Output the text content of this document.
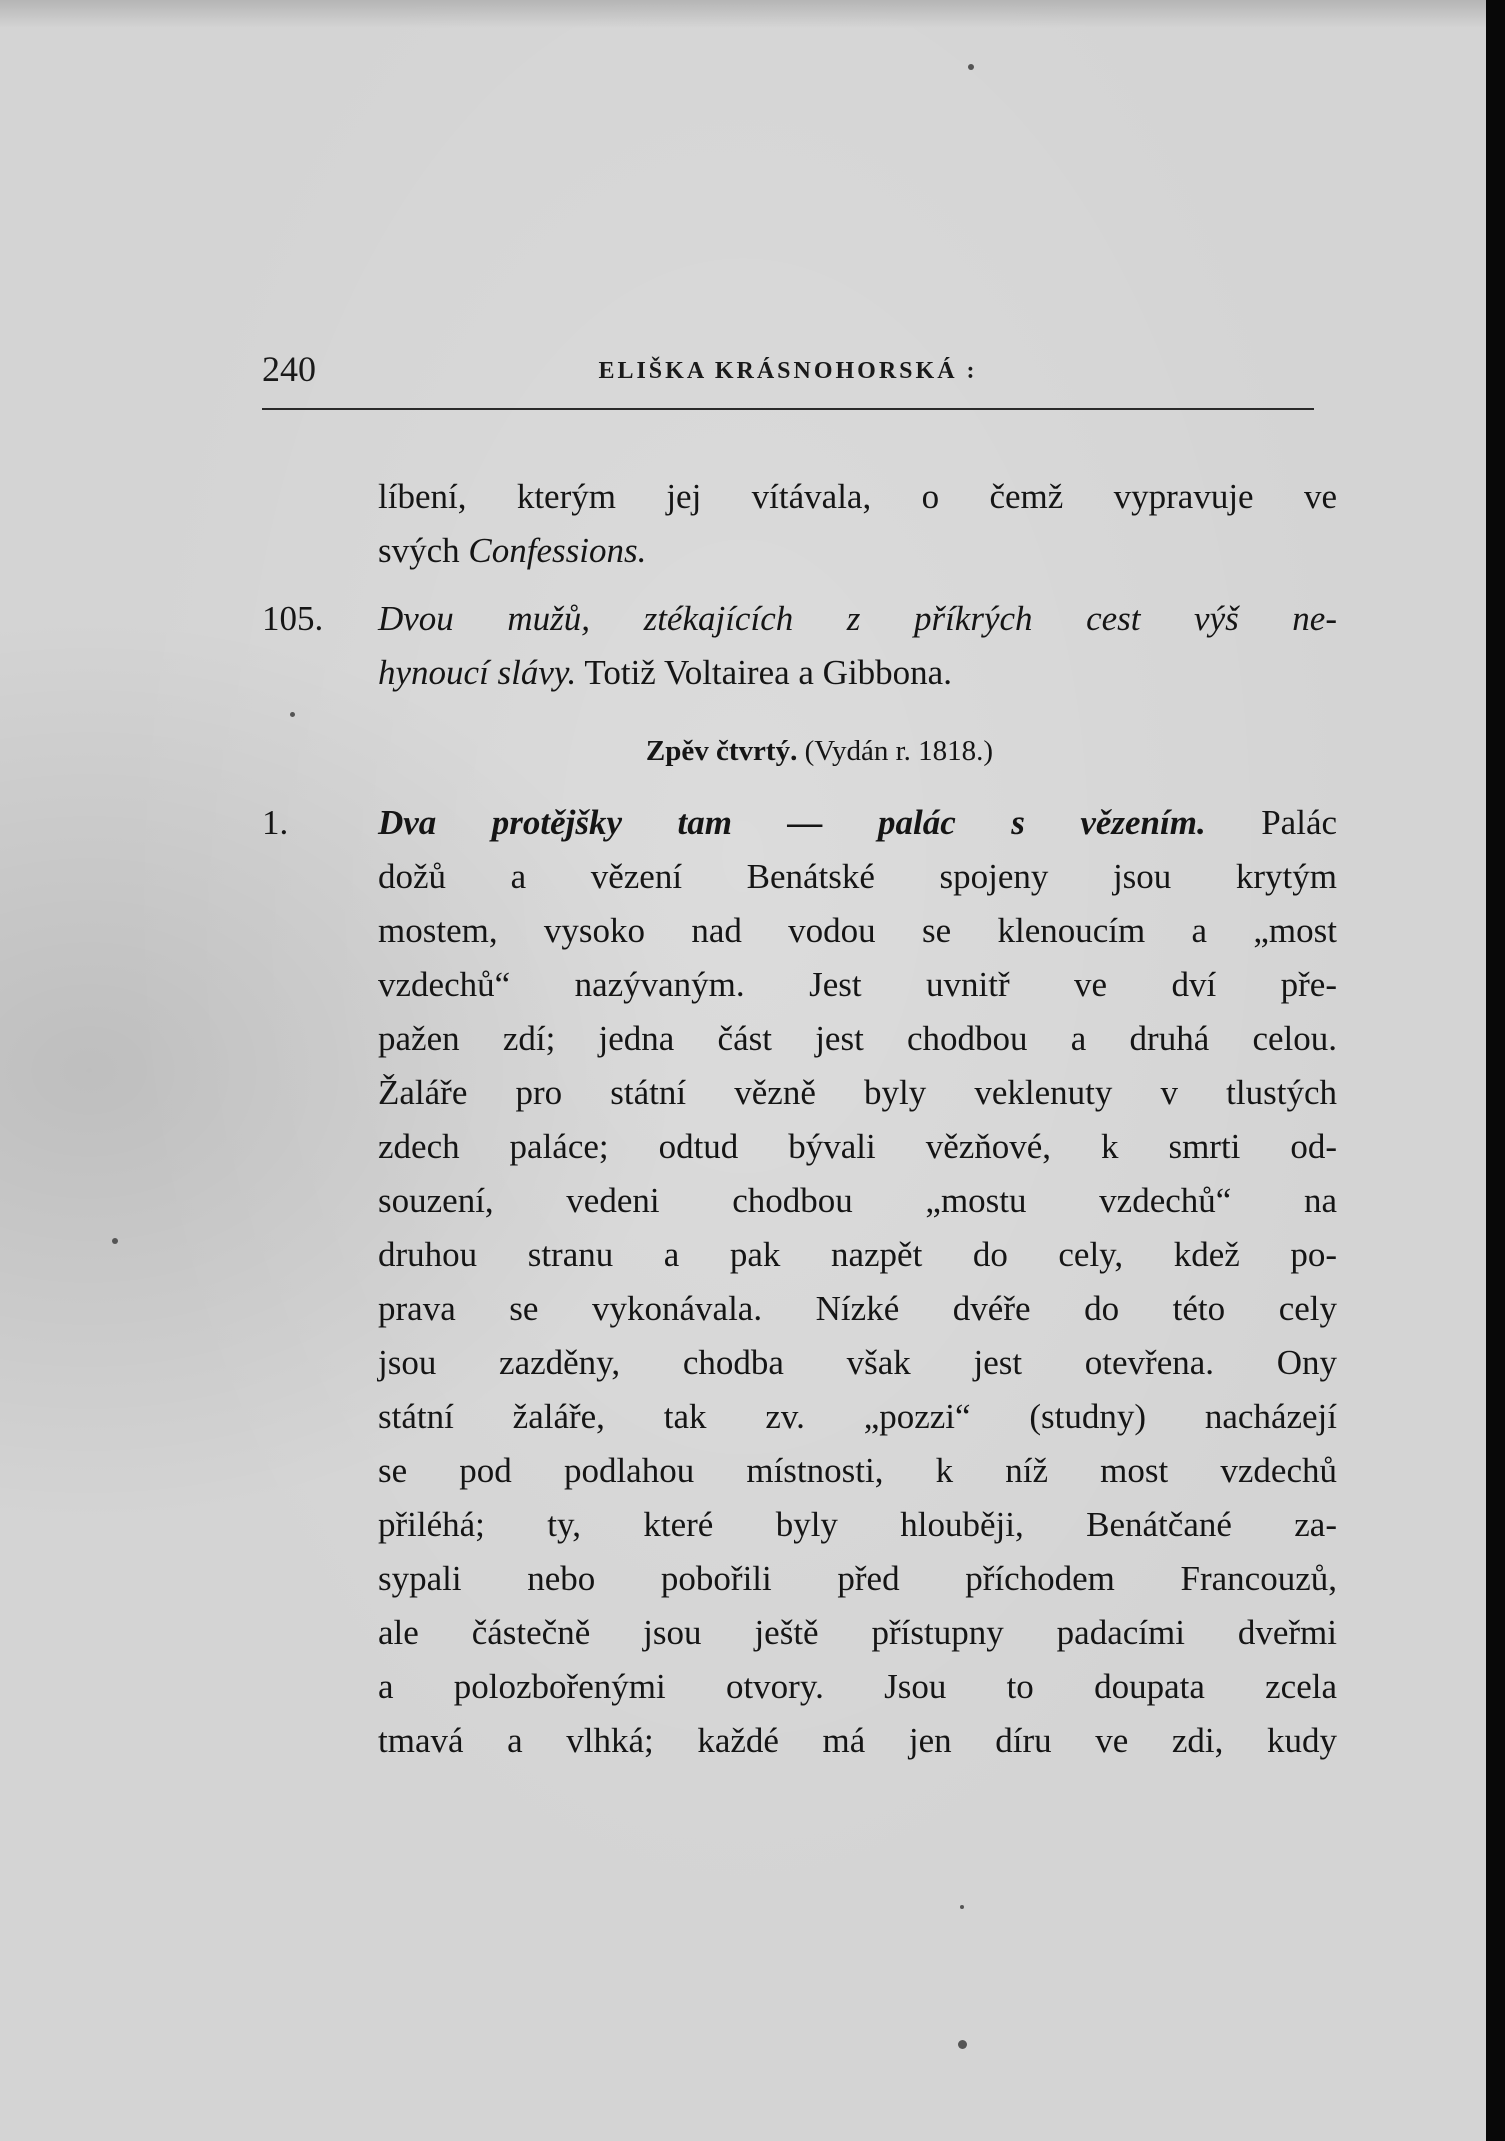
240	ELIŠKA KRÁSNOHORSKÁ :
líbení, kterým jej vítávala, o čemž vypravuje ve
svých Confessions.
105. Dvou mužů, ztékajících z příkrých cest výš ne-
hynoucí slávy. Totiž Voltairea a Gibbona.
Zpěv čtvrtý. (Vydán r. 1818.)
1.	Dva protějšky tam — palác s vězením. Palác
dožů a vězení Benátské spojeny jsou krytým
mostem, vysoko nad vodou se klenoucím a „most
vzdechů“ nazývaným. Jest uvnitř ve dví pře-
pažen zdí; jedna část jest chodbou a druhá celou.
Žaláře pro státní vězně byly veklenuty v tlustých
zdech paláce; odtud bývali vězňové, k smrti od-
souzení, vedeni chodbou „mostu vzdechů“ na
druhou stranu a pak nazpět do cely, kdež po-
prava se vykonávala. Nízké dvéře do této cely
jsou zazděny, chodba však jest otevřena. Ony
státní žaláře, tak zv. „pozzi“ (studny) nacházejí
se pod podlahou místnosti, k níž most vzdechů
přiléhá; ty, které byly hlouběji, Benátčané za-
sypali nebo pobořili před příchodem Francouzů,
ale částečně jsou ještě přístupny padacími dveřmi
a polozbořenými otvory. Jsou to doupata zcela
tmavá a vlhká; každé má jen díru ve zdi, kudy
